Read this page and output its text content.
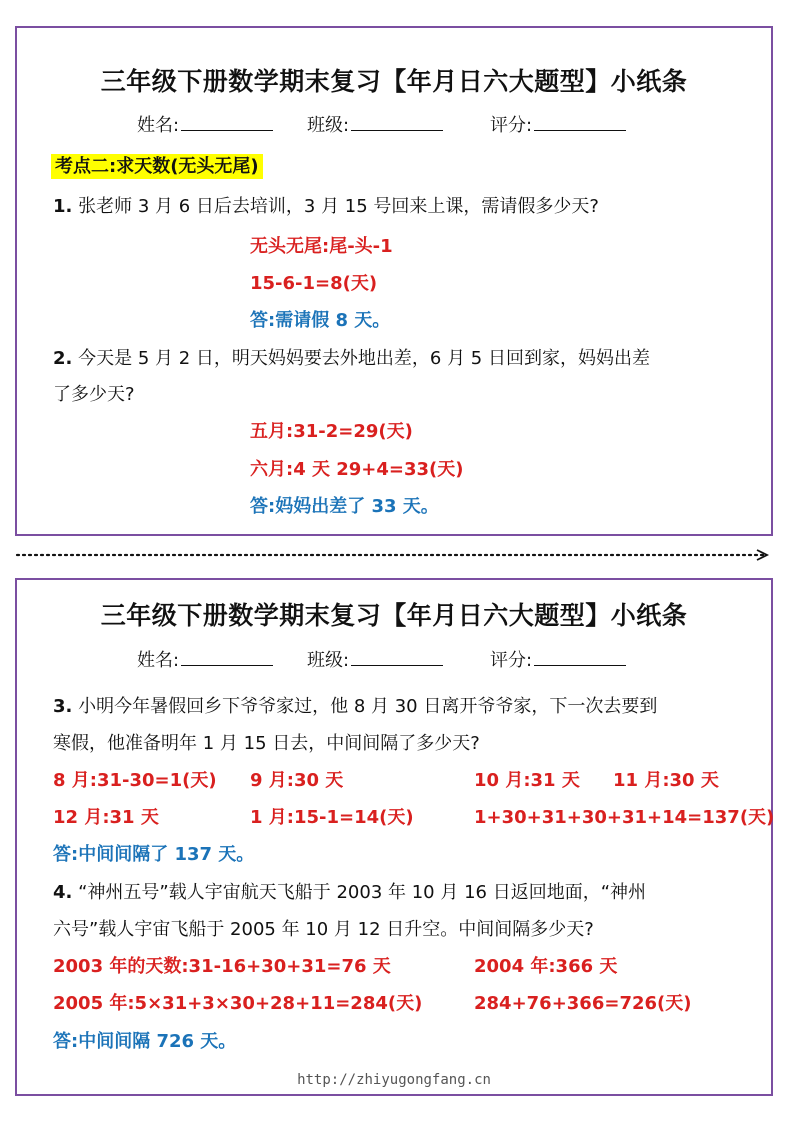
三年级下册数学期末复习【年月日六大题型】小纸条
姓名:	班级:	评分:
考点二:求天数(无头无尾)
1. 张老师 3 月 6 日后去培训，3 月 15 号回来上课，需请假多少天?
无头无尾:尾-头-1
15-6-1=8(天)
答:需请假 8 天。
2. 今天是 5 月 2 日，明天妈妈要去外地出差，6 月 5 日回到家，妈妈出差
了多少天?
五月:31-2=29(天)
六月:4 天 29+4=33(天)
答:妈妈出差了 33 天。
三年级下册数学期末复习【年月日六大题型】小纸条
姓名:	班级:	评分:
3. 小明今年暑假回乡下爷爷家过，他 8 月 30 日离开爷爷家，下一次去要到
寒假，他准备明年 1 月 15 日去，中间间隔了多少天?
8 月:31-30=1(天) 9 月:30 天	10 月:31 天 11 月:30 天
12 月:31 天	1 月:15-1=14(天)	1+30+31+30+31+14=137(天)
答:中间间隔了 137 天。
4. “神州五号”载人宇宙航天飞船于 2003 年 10 月 16 日返回地面，“神州
六号”载人宇宙飞船于 2005 年 10 月 12 日升空。中间间隔多少天?
2003 年的天数:31-16+30+31=76 天	2004 年:366 天
2005 年:5×31+3×30+28+11=284(天)	284+76+366=726(天)
答:中间间隔 726 天。
http://zhiyugongfang.cn
